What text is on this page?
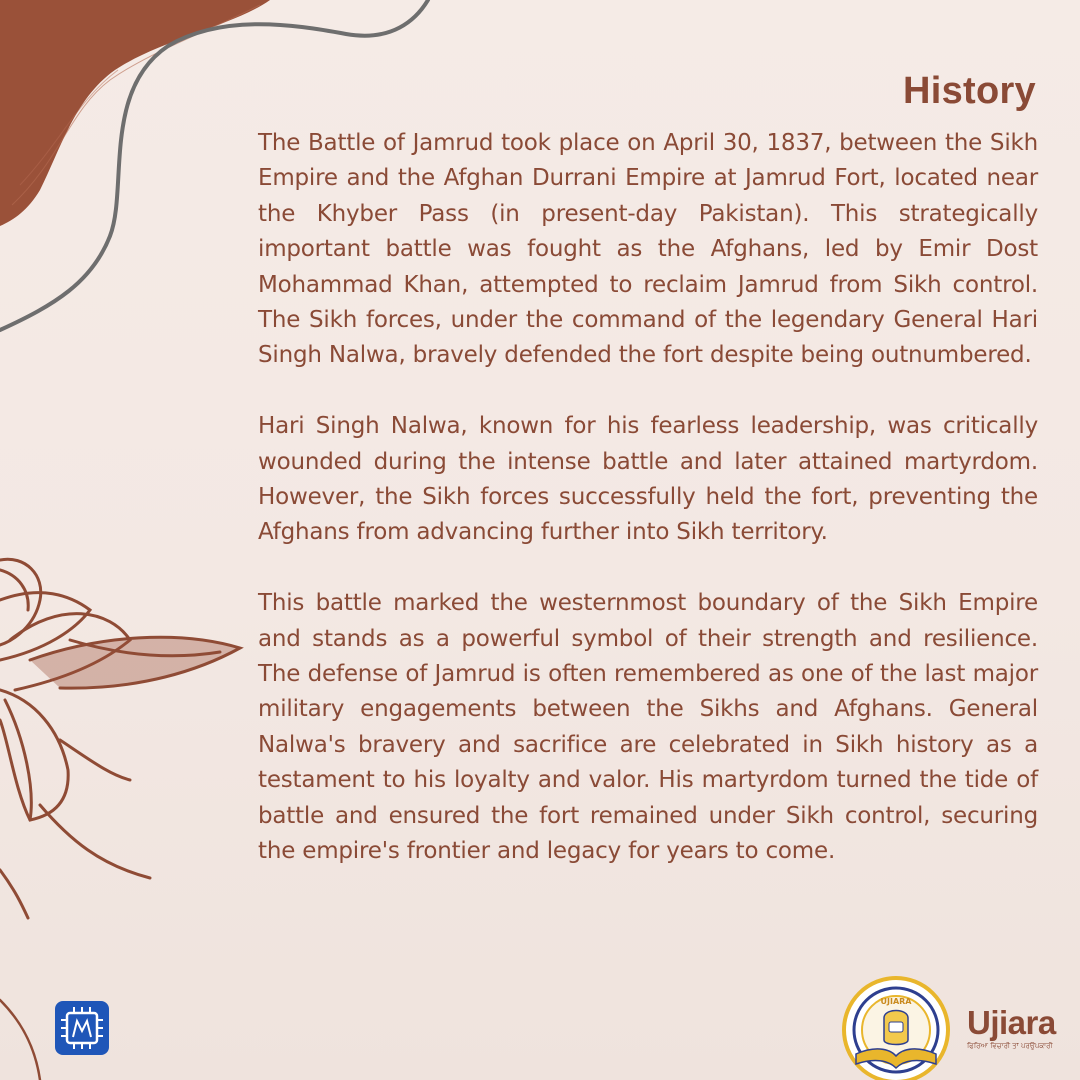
History

The Battle of Jamrud took place on April 30, 1837, between the Sikh Empire and the Afghan Durrani Empire at Jamrud Fort, located near the Khyber Pass (in present-day Pakistan). This strategically important battle was fought as the Afghans, led by Emir Dost Mohammad Khan, attempted to reclaim Jamrud from Sikh control. The Sikh forces, under the command of the legendary General Hari Singh Nalwa, bravely defended the fort despite being outnumbered.

Hari Singh Nalwa, known for his fearless leadership, was critically wounded during the intense battle and later attained martyrdom. However, the Sikh forces successfully held the fort, preventing the Afghans from advancing further into Sikh territory.

This battle marked the westernmost boundary of the Sikh Empire and stands as a powerful symbol of their strength and resilience. The defense of Jamrud is often remembered as one of the last major military engagements between the Sikhs and Afghans. General Nalwa's bravery and sacrifice are celebrated in Sikh history as a testament to his loyalty and valor. His martyrdom turned the tide of battle and ensured the fort remained under Sikh control, securing the empire's frontier and legacy for years to come.

UJIARA
Ujiara
ਫਿਰਿਆ ਵਿਚਾਰੀ ਤਾਂ ਪਰਉਪਕਾਰੀ
